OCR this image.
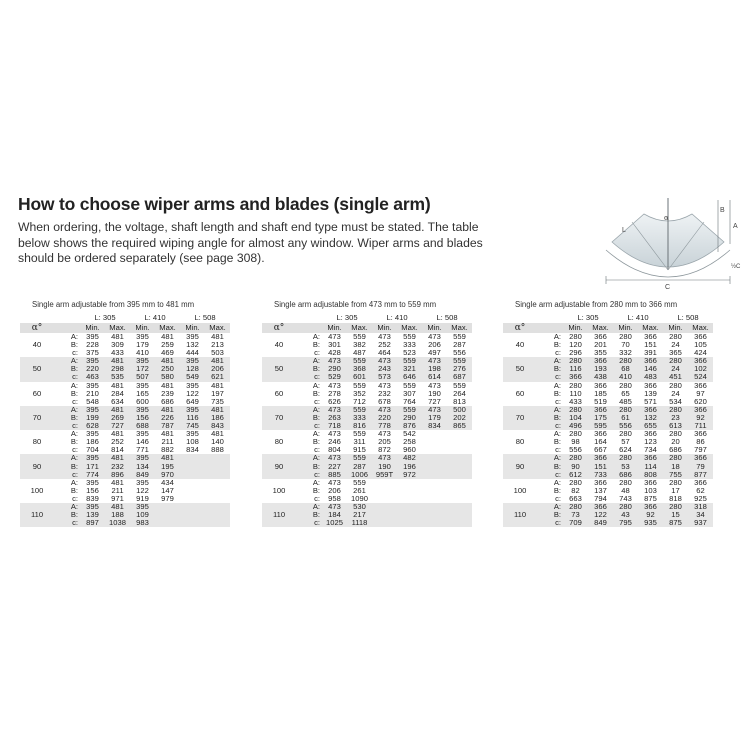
How to choose wiper arms and blades (single arm)
When ordering, the voltage, shaft length and shaft end type must be stated. The table
below shows the required wiping angle for almost any window. Wiper arms and blades
should be ordered separately (see page 308).
α
A
B
C
L
½C
Single arm adjustable from 395 mm to 481 mm
		L: 305		L: 410		L: 508	
α°		Min.	Max.	Min.	Max.	Min.	Max.
40	A:	395	481	395	481	395	481
	B:	228	309	179	259	132	213
	c:	375	433	410	469	444	503
50	A:	395	481	395	481	395	481
	B:	220	298	172	250	128	206
	c:	463	535	507	580	549	621
60	A:	395	481	395	481	395	481
	B:	210	284	165	239	122	197
	c:	548	634	600	686	649	735
70	A:	395	481	395	481	395	481
	B:	199	269	156	226	116	186
	c:	628	727	688	787	745	843
80	A:	395	481	395	481	395	481
	B:	186	252	146	211	108	140
	c:	704	814	771	882	834	888
90	A:	395	481	395	481		
	B:	171	232	134	195		
	c:	774	896	849	970		
100	A:	395	481	395	434		
	B:	156	211	122	147		
	c:	839	971	919	979		
110	A:	395	481	395			
	B:	139	188	109			
	c:	897	1038	983			
Single arm adjustable from 473 mm to 559 mm
		L: 305		L: 410		L: 508	
α°		Min.	Max.	Min.	Max.	Min.	Max.
40	A:	473	559	473	559	473	559
	B:	301	382	252	333	206	287
	c:	428	487	464	523	497	556
50	A:	473	559	473	559	473	559
	B:	290	368	243	321	198	276
	c:	529	601	573	646	614	687
60	A:	473	559	473	559	473	559
	B:	278	352	232	307	190	264
	c:	626	712	678	764	727	813
70	A:	473	559	473	559	473	500
	B:	263	333	220	290	179	202
	c:	718	816	778	876	834	865
80	A:	473	559	473	542		
	B:	246	311	205	258		
	c:	804	915	872	960		
90	A:	473	559	473	482		
	B:	227	287	190	196		
	c:	885	1006	959T	972		
100	A:	473	559				
	B:	206	261				
	c:	958	1090				
110	A:	473	530				
	B:	184	217				
	c:	1025	1118				
Single arm adjustable from 280 mm to 366 mm
		L: 305		L: 410		L: 508	
α°		Min.	Max.	Min.	Max.	Min.	Max.
40	A:	280	366	280	366	280	366
	B:	120	201	70	151	24	105
	c:	296	355	332	391	365	424
50	A:	280	366	280	366	280	366
	B:	116	193	68	146	24	102
	c:	366	438	410	483	451	524
60	A:	280	366	280	366	280	366
	B:	110	185	65	139	24	97
	c:	433	519	485	571	534	620
70	A:	280	366	280	366	280	366
	B:	104	175	61	132	23	92
	c:	496	595	556	655	613	711
80	A:	280	366	280	366	280	366
	B:	98	164	57	123	20	86
	c:	556	667	624	734	686	797
90	A:	280	366	280	366	280	366
	B:	90	151	53	114	18	79
	c:	612	733	686	808	755	877
100	A:	280	366	280	366	280	366
	B:	82	137	48	103	17	62
	c:	663	794	743	875	818	925
110	A:	280	366	280	366	280	318
	B:	73	122	43	92	15	34
	c:	709	849	795	935	875	937
